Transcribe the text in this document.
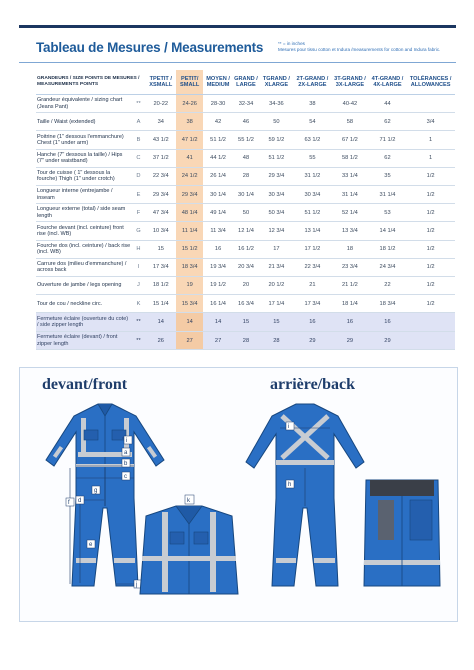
Tableau de Mesures / Measurements	** = in inches
Mesures pour tissu cotton et Indura /measurements for cotton and Indura fabric.
GRANDEURS / SIZE POINTS DE MESURES / MEASUREMENTS POINTS		TPETIT / XSMALL	PETIT/ SMALL	MOYEN / MEDIUM	GRAND / LARGE	TGRAND / XLARGE	2T-GRAND / 2X-LARGE	3T-GRAND / 3X-LARGE	4T-GRAND / 4X-LARGE	TOLÉRANCES / ALLOWANCES
Grandeur équivalente / sizing chart (Jeans Pant)	**	20-22	24-26	28-30	32-34	34-36	38	40-42	44	
Taille / Waist (extended)	A	34	38	42	46	50	54	58	62	3/4
Poitrine (1" dessous l'emmanchure) Chest (1" under arm)	B	43 1/2	47 1/2	51 1/2	55 1/2	59 1/2	63 1/2	67 1/2	71 1/2	1
Hanche (7" dessous la taille) / Hips (7" under waistband)	C	37 1/2	41	44 1/2	48	51 1/2	55	58 1/2	62	1
Tour de cuisse ( 1" dessous la fourche) Thigh (1" under crotch)	D	22 3/4	24 1/2	26 1/4	28	29 3/4	31 1/2	33 1/4	35	1/2
Longueur interne (entrejambe / inseam	E	29 3/4	29 3/4	30 1/4	30 1/4	30 3/4	30 3/4	31 1/4	31 1/4	1/2
Longueur externe (total) / side seam length	F	47 3/4	48 1/4	49 1/4	50	50 3/4	51 1/2	52 1/4	53	1/2
Fourche devant (incl. ceinture) front rise (incl. WB)	G	10 3/4	11 1/4	11 3/4	12 1/4	12 3/4	13 1/4	13 3/4	14 1/4	1/2
Fourche dos (incl. ceinture) / back rise (incl. WB)	H	15	15 1/2	16	16 1/2	17	17 1/2	18	18 1/2	1/2
Carrure dos (milieu d'emmanchure) / across back	I	17 3/4	18 3/4	19 3/4	20 3/4	21 3/4	22 3/4	23 3/4	24 3/4	1/2
Ouverture de jambe / legs opening	J	18 1/2	19	19 1/2	20	20 1/2	21	21 1/2	22	1/2
Tour de cou / neckline circ.	K	15 1/4	15 3/4	16 1/4	16 3/4	17 1/4	17 3/4	18 1/4	18 3/4	1/2
Fermeture éclaire (ouverture du cote) / side zipper length	**	14	14	14	15	15	16	16	16	
Fermeture éclaire (devant) / front zipper length	**	26	27	27	28	28	29	29	29	
devant/front	arrière/back
a
b
i
c
g
d
e
f
j
k
i
h
